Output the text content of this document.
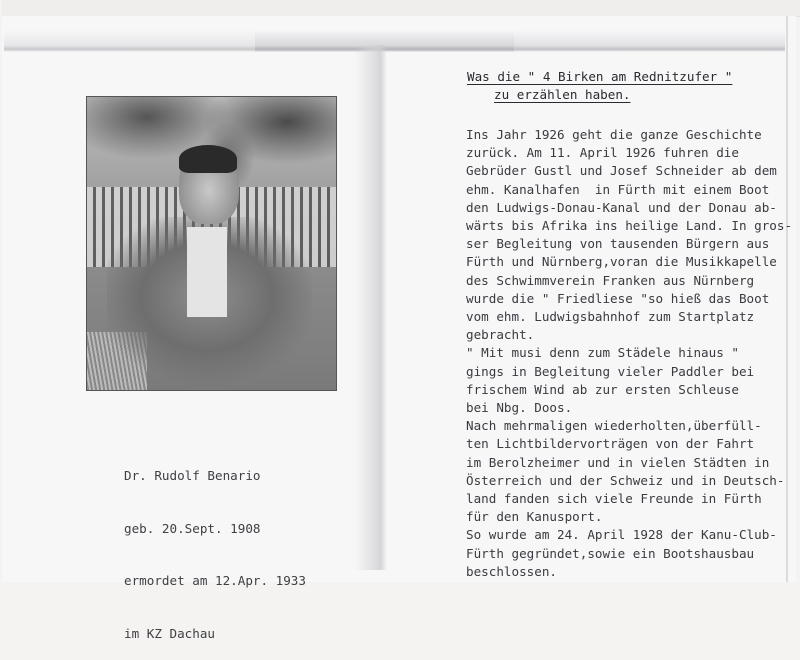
Dr. Rudolf Benario

geb. 20.Sept. 1908

ermordet am 12.Apr. 1933

im KZ Dachau

Was die " 4 Birken am Rednitzufer "
zu erzählen haben.
Ins Jahr 1926 geht die ganze Geschichte
zurück. Am 11. April 1926 fuhren die
Gebrüder Gustl und Josef Schneider ab dem
ehm. Kanalhafen  in Fürth mit einem Boot
den Ludwigs-Donau-Kanal und der Donau ab-
wärts bis Afrika ins heilige Land. In gros-
ser Begleitung von tausenden Bürgern aus
Fürth und Nürnberg,voran die Musikkapelle
des Schwimmverein Franken aus Nürnberg
wurde die " Friedliese "so hieß das Boot
vom ehm. Ludwigsbahnhof zum Startplatz
gebracht.
" Mit musi denn zum Städele hinaus "
gings in Begleitung vieler Paddler bei
frischem Wind ab zur ersten Schleuse
bei Nbg. Doos.
Nach mehrmaligen wiederholten,überfüll-
ten Lichtbildervorträgen von der Fahrt
im Berolzheimer und in vielen Städten in
Österreich und der Schweiz und in Deutsch-
land fanden sich viele Freunde in Fürth
für den Kanusport.
So wurde am 24. April 1928 der Kanu-Club-
Fürth gegründet,sowie ein Bootshausbau
beschlossen.
